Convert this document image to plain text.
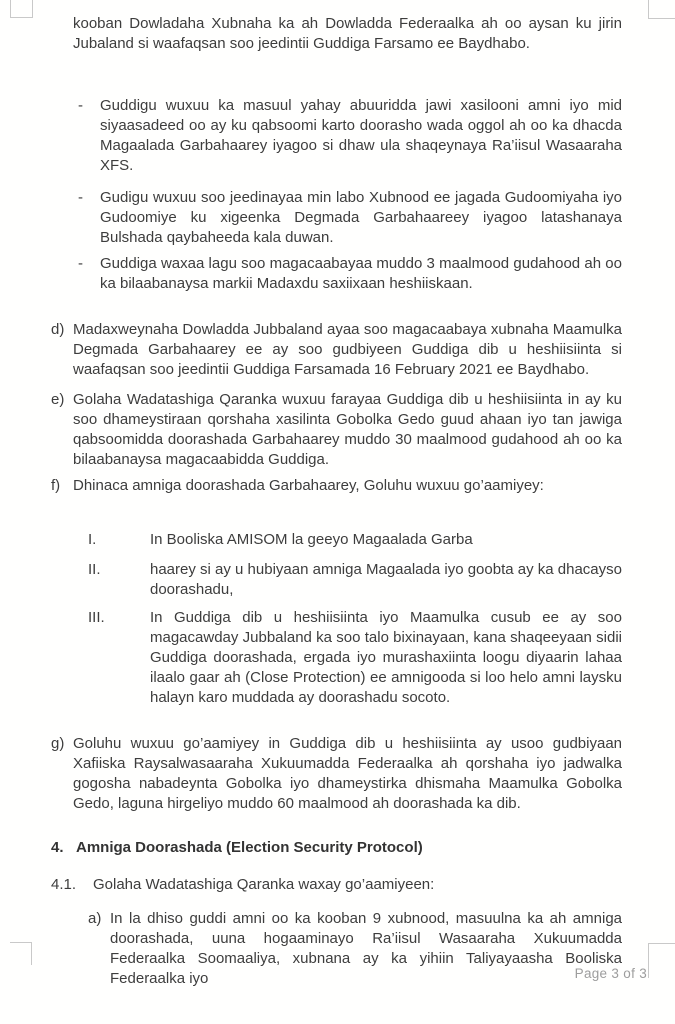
kooban Dowladaha Xubnaha ka ah Dowladda Federaalka ah oo aysan ku jirin Jubaland si waafaqsan soo jeedintii Guddiga Farsamo ee Baydhabo.

-	Guddigu wuxuu ka masuul yahay abuuridda jawi xasilooni amni iyo mid siyaasadeed oo ay ku qabsoomi karto doorasho wada oggol ah oo ka dhacda Magaalada Garbahaarey iyagoo si dhaw ula shaqeynaya Ra’iisul Wasaaraha XFS.
-	Gudigu wuxuu soo jeedinayaa min labo Xubnood ee jagada Gudoomiyaha iyo Gudoomiye ku xigeenka Degmada Garbahaareey iyagoo latashanaya Bulshada qaybaheeda kala duwan.
-	Guddiga waxaa lagu soo magacaabayaa muddo 3 maalmood gudahood ah oo ka bilaabanaysa markii Madaxdu saxiixaan heshiiskaan.
d) Madaxweynaha Dowladda Jubbaland ayaa soo magacaabaya xubnaha Maamulka Degmada Garbahaarey ee ay soo gudbiyeen Guddiga dib u heshiisiinta si waafaqsan soo jeedintii Guddiga Farsamada 16 February 2021 ee Baydhabo.
e) Golaha Wadatashiga Qaranka wuxuu farayaa Guddiga dib u heshiisiinta in ay ku soo dhameystiraan qorshaha xasilinta Gobolka Gedo guud ahaan iyo tan jawiga qabsoomidda doorashada Garbahaarey muddo 30 maalmood gudahood ah oo ka bilaabanaysa magacaabidda Guddiga.
f) Dhinaca amniga doorashada Garbahaarey, Goluhu wuxuu go’aamiyey:
I.	In Booliska AMISOM la geeyo Magaalada Garba
II.	haarey si ay u hubiyaan amniga Magaalada iyo goobta ay ka dhacayso doorashadu,
III.	In Guddiga dib u heshiisiinta iyo Maamulka cusub ee ay soo magacawday Jubbaland ka soo talo bixinayaan, kana shaqeeyaan sidii Guddiga doorashada, ergada iyo murashaxiinta loogu diyaarin lahaa ilaalo gaar ah (Close Protection) ee amnigooda si loo helo amni laysku halayn karo muddada ay doorashadu socoto.
g) Goluhu wuxuu go’aamiyey in Guddiga dib u heshiisiinta ay usoo gudbiyaan Xafiiska Raysalwasaaraha Xukuumadda Federaalka ah qorshaha iyo jadwalka gogosha nabadeynta Gobolka iyo dhameystirka dhismaha Maamulka Gobolka Gedo, laguna hirgeliyo muddo 60 maalmood ah doorashada ka dib.
4. Amniga Doorashada (Election Security Protocol)
4.1.	Golaha Wadatashiga Qaranka waxay go’aamiyeen:
a) In la dhiso guddi amni oo ka kooban 9 xubnood, masuulna ka ah amniga doorashada, uuna hogaaminayo Ra’iisul Wasaaraha Xukuumadda Federaalka Soomaaliya, xubnana ay ka yihiin Taliyayaasha Booliska Federaalka iyo	Page 3 of 3
